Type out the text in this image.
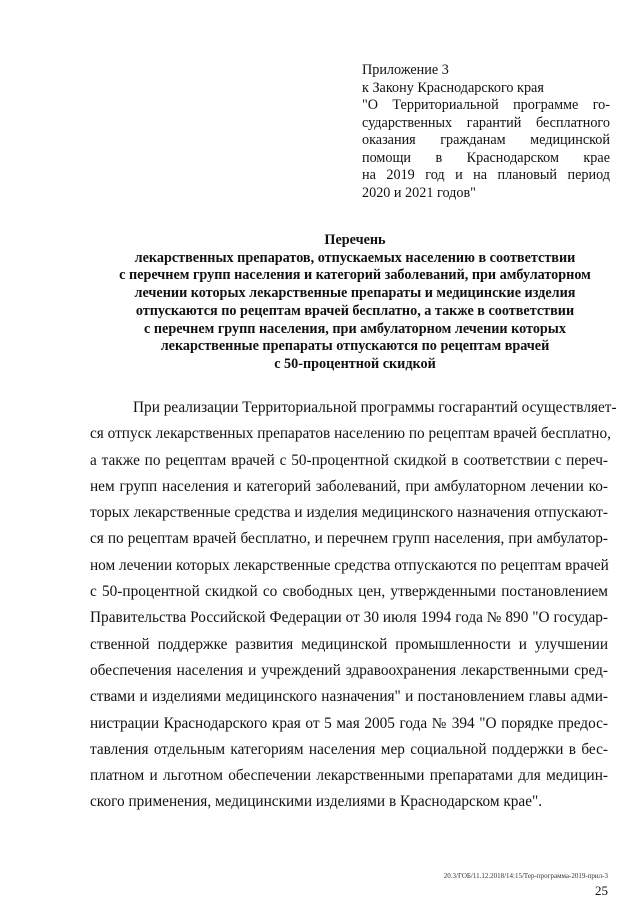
Приложение 3
к Закону Краснодарского края
"О Территориальной программе го-
сударственных гарантий бесплатного
оказания гражданам медицинской
помощи в Краснодарском крае
на 2019 год и на плановый период
2020 и 2021 годов"
Перечень
лекарственных препаратов, отпускаемых населению в соответствии
с перечнем групп населения и категорий заболеваний, при амбулаторном
лечении которых лекарственные препараты и медицинские изделия
отпускаются по рецептам врачей бесплатно, а также в соответствии
с перечнем групп населения, при амбулаторном лечении которых
лекарственные препараты отпускаются по рецептам врачей
с 50-процентной скидкой
При реализации Территориальной программы госгарантий осуществляет-
ся отпуск лекарственных препаратов населению по рецептам врачей бесплатно,
а также по рецептам врачей с 50-процентной скидкой в соответствии с переч-
нем групп населения и категорий заболеваний, при амбулаторном лечении ко-
торых лекарственные средства и изделия медицинского назначения отпускают-
ся по рецептам врачей бесплатно, и перечнем групп населения, при амбулатор-
ном лечении которых лекарственные средства отпускаются по рецептам врачей
с 50-процентной скидкой со свободных цен, утвержденными постановлением
Правительства Российской Федерации от 30 июля 1994 года № 890 "О государ-
ственной поддержке развития медицинской промышленности и улучшении
обеспечения населения и учреждений здравоохранения лекарственными сред-
ствами и изделиями медицинского назначения" и постановлением главы адми-
нистрации Краснодарского края от 5 мая 2005 года № 394 "О порядке предос-
тавления отдельным категориям населения мер социальной поддержки в бес-
платном и льготном обеспечении лекарственными препаратами для медицин-
ского применения, медицинскими изделиями в Краснодарском крае".
20.3/ГОБ/11.12.2018/14:15/Тер-программа-2019-прил-3
25
